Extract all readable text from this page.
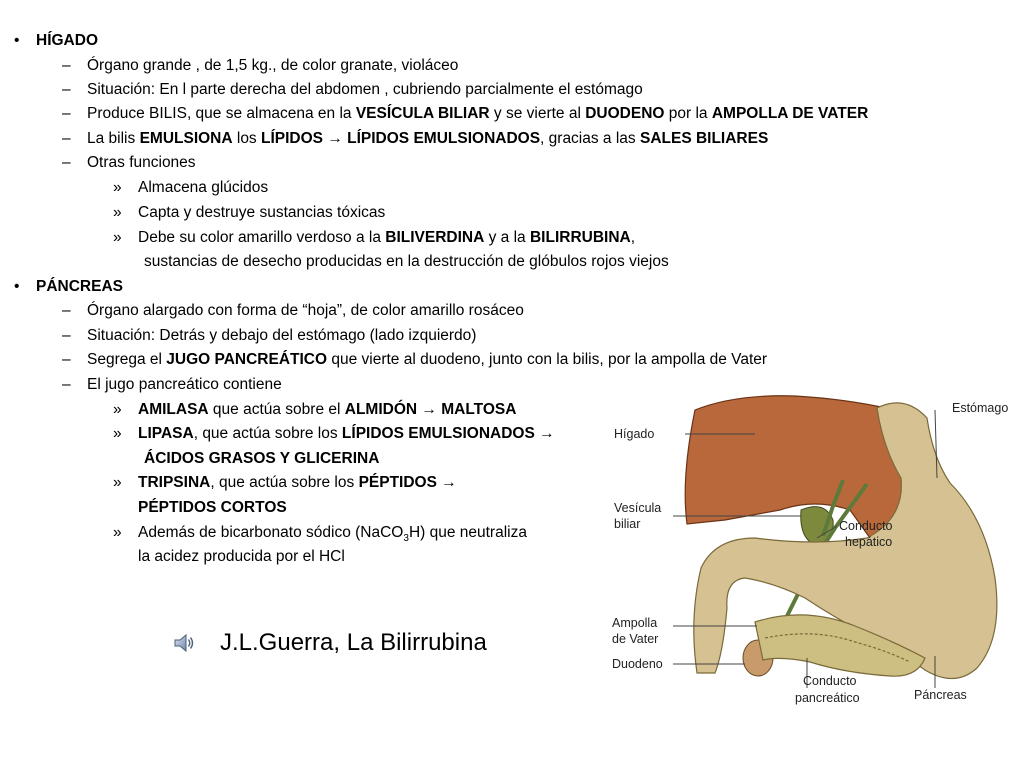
• HÍGADO
– Órgano grande , de 1,5 kg., de color granate, violáceo
– Situación: En l parte derecha del abdomen , cubriendo parcialmente el estómago
– Produce BILIS, que se almacena en la VESÍCULA BILIAR y se vierte al DUODENO por la AMPOLLA DE VATER
– La bilis EMULSIONA los LÍPIDOS → LÍPIDOS EMULSIONADOS, gracias a las SALES BILIARES
– Otras funciones
» Almacena glúcidos
» Capta y destruye sustancias tóxicas
» Debe su color amarillo verdoso a la BILIVERDINA y a la BILIRRUBINA,
sustancias de desecho producidas en la destrucción de glóbulos rojos viejos
• PÁNCREAS
– Órgano alargado con forma de “hoja”, de color amarillo rosáceo
– Situación: Detrás y debajo del estómago (lado izquierdo)
– Segrega el JUGO PANCREÁTICO que vierte al duodeno, junto con la bilis, por la ampolla de Vater
– El jugo pancreático contiene
» AMILASA que actúa sobre el ALMIDÓN → MALTOSA
» LIPASA, que actúa sobre los LÍPIDOS EMULSIONADOS →
ÁCIDOS GRASOS Y GLICERINA
» TRIPSINA, que actúa sobre los PÉPTIDOS →
PÉPTIDOS CORTOS
» Además de bicarbonato sódico (NaCO$_3$H) que neutraliza
la acidez producida por el HCl
J.L.Guerra, La Bilirrubina
Estómago
Hígado
Vesícula
biliar	Conducto
hepático
Ampolla
de Vater
Duodeno
Conducto
pancreático	Páncreas
